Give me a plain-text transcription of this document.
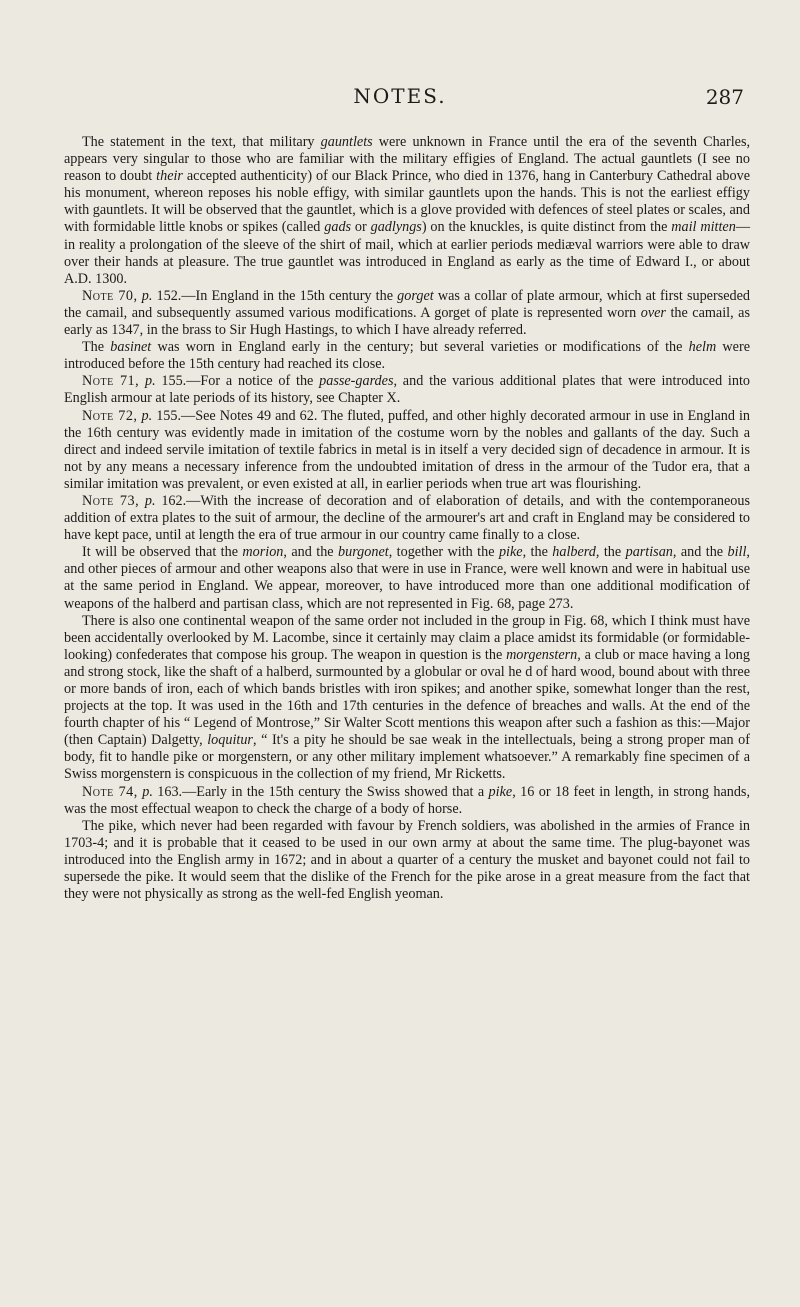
NOTES.	287

The statement in the text, that military gauntlets were unknown in France until the era of the seventh Charles, appears very singular to those who are familiar with the military effigies of England. The actual gauntlets (I see no reason to doubt their accepted authenticity) of our Black Prince, who died in 1376, hang in Canterbury Cathedral above his monument, whereon reposes his noble effigy, with similar gauntlets upon the hands. This is not the earliest effigy with gauntlets. It will be observed that the gauntlet, which is a glove provided with defences of steel plates or scales, and with formidable little knobs or spikes (called gads or gadlyngs) on the knuckles, is quite distinct from the mail mitten—in reality a prolongation of the sleeve of the shirt of mail, which at earlier periods mediæval warriors were able to draw over their hands at pleasure. The true gauntlet was introduced in England as early as the time of Edward I., or about A.D. 1300.

Note 70, p. 152.—In England in the 15th century the gorget was a collar of plate armour, which at first superseded the camail, and subsequently assumed various modifications. A gorget of plate is represented worn over the camail, as early as 1347, in the brass to Sir Hugh Hastings, to which I have already referred.

The basinet was worn in England early in the century; but several varieties or modifications of the helm were introduced before the 15th century had reached its close.

Note 71, p. 155.—For a notice of the passe-gardes, and the various additional plates that were introduced into English armour at late periods of its history, see Chapter X.

Note 72, p. 155.—See Notes 49 and 62. The fluted, puffed, and other highly decorated armour in use in England in the 16th century was evidently made in imitation of the costume worn by the nobles and gallants of the day. Such a direct and indeed servile imitation of textile fabrics in metal is in itself a very decided sign of decadence in armour. It is not by any means a necessary inference from the undoubted imitation of dress in the armour of the Tudor era, that a similar imitation was prevalent, or even existed at all, in earlier periods when true art was flourishing.

Note 73, p. 162.—With the increase of decoration and of elaboration of details, and with the contemporaneous addition of extra plates to the suit of armour, the decline of the armourer's art and craft in England may be considered to have kept pace, until at length the era of true armour in our country came finally to a close.

It will be observed that the morion, and the burgonet, together with the pike, the halberd, the partisan, and the bill, and other pieces of armour and other weapons also that were in use in France, were well known and were in habitual use at the same period in England. We appear, moreover, to have introduced more than one additional modification of weapons of the halberd and partisan class, which are not represented in Fig. 68, page 273.

There is also one continental weapon of the same order not included in the group in Fig. 68, which I think must have been accidentally overlooked by M. Lacombe, since it certainly may claim a place amidst its formidable (or formidable-looking) confederates that compose his group. The weapon in question is the morgenstern, a club or mace having a long and strong stock, like the shaft of a halberd, surmounted by a globular or oval he d of hard wood, bound about with three or more bands of iron, each of which bands bristles with iron spikes; and another spike, somewhat longer than the rest, projects at the top. It was used in the 16th and 17th centuries in the defence of breaches and walls. At the end of the fourth chapter of his “ Legend of Montrose,” Sir Walter Scott mentions this weapon after such a fashion as this:—Major (then Captain) Dalgetty, loquitur, “ It's a pity he should be sae weak in the intellectuals, being a strong proper man of body, fit to handle pike or morgenstern, or any other military implement whatsoever.” A remarkably fine specimen of a Swiss morgenstern is conspicuous in the collection of my friend, Mr Ricketts.

Note 74, p. 163.—Early in the 15th century the Swiss showed that a pike, 16 or 18 feet in length, in strong hands, was the most effectual weapon to check the charge of a body of horse.

The pike, which never had been regarded with favour by French soldiers, was abolished in the armies of France in 1703-4; and it is probable that it ceased to be used in our own army at about the same time. The plug-bayonet was introduced into the English army in 1672; and in about a quarter of a century the musket and bayonet could not fail to supersede the pike. It would seem that the dislike of the French for the pike arose in a great measure from the fact that they were not physically as strong as the well-fed English yeoman.
